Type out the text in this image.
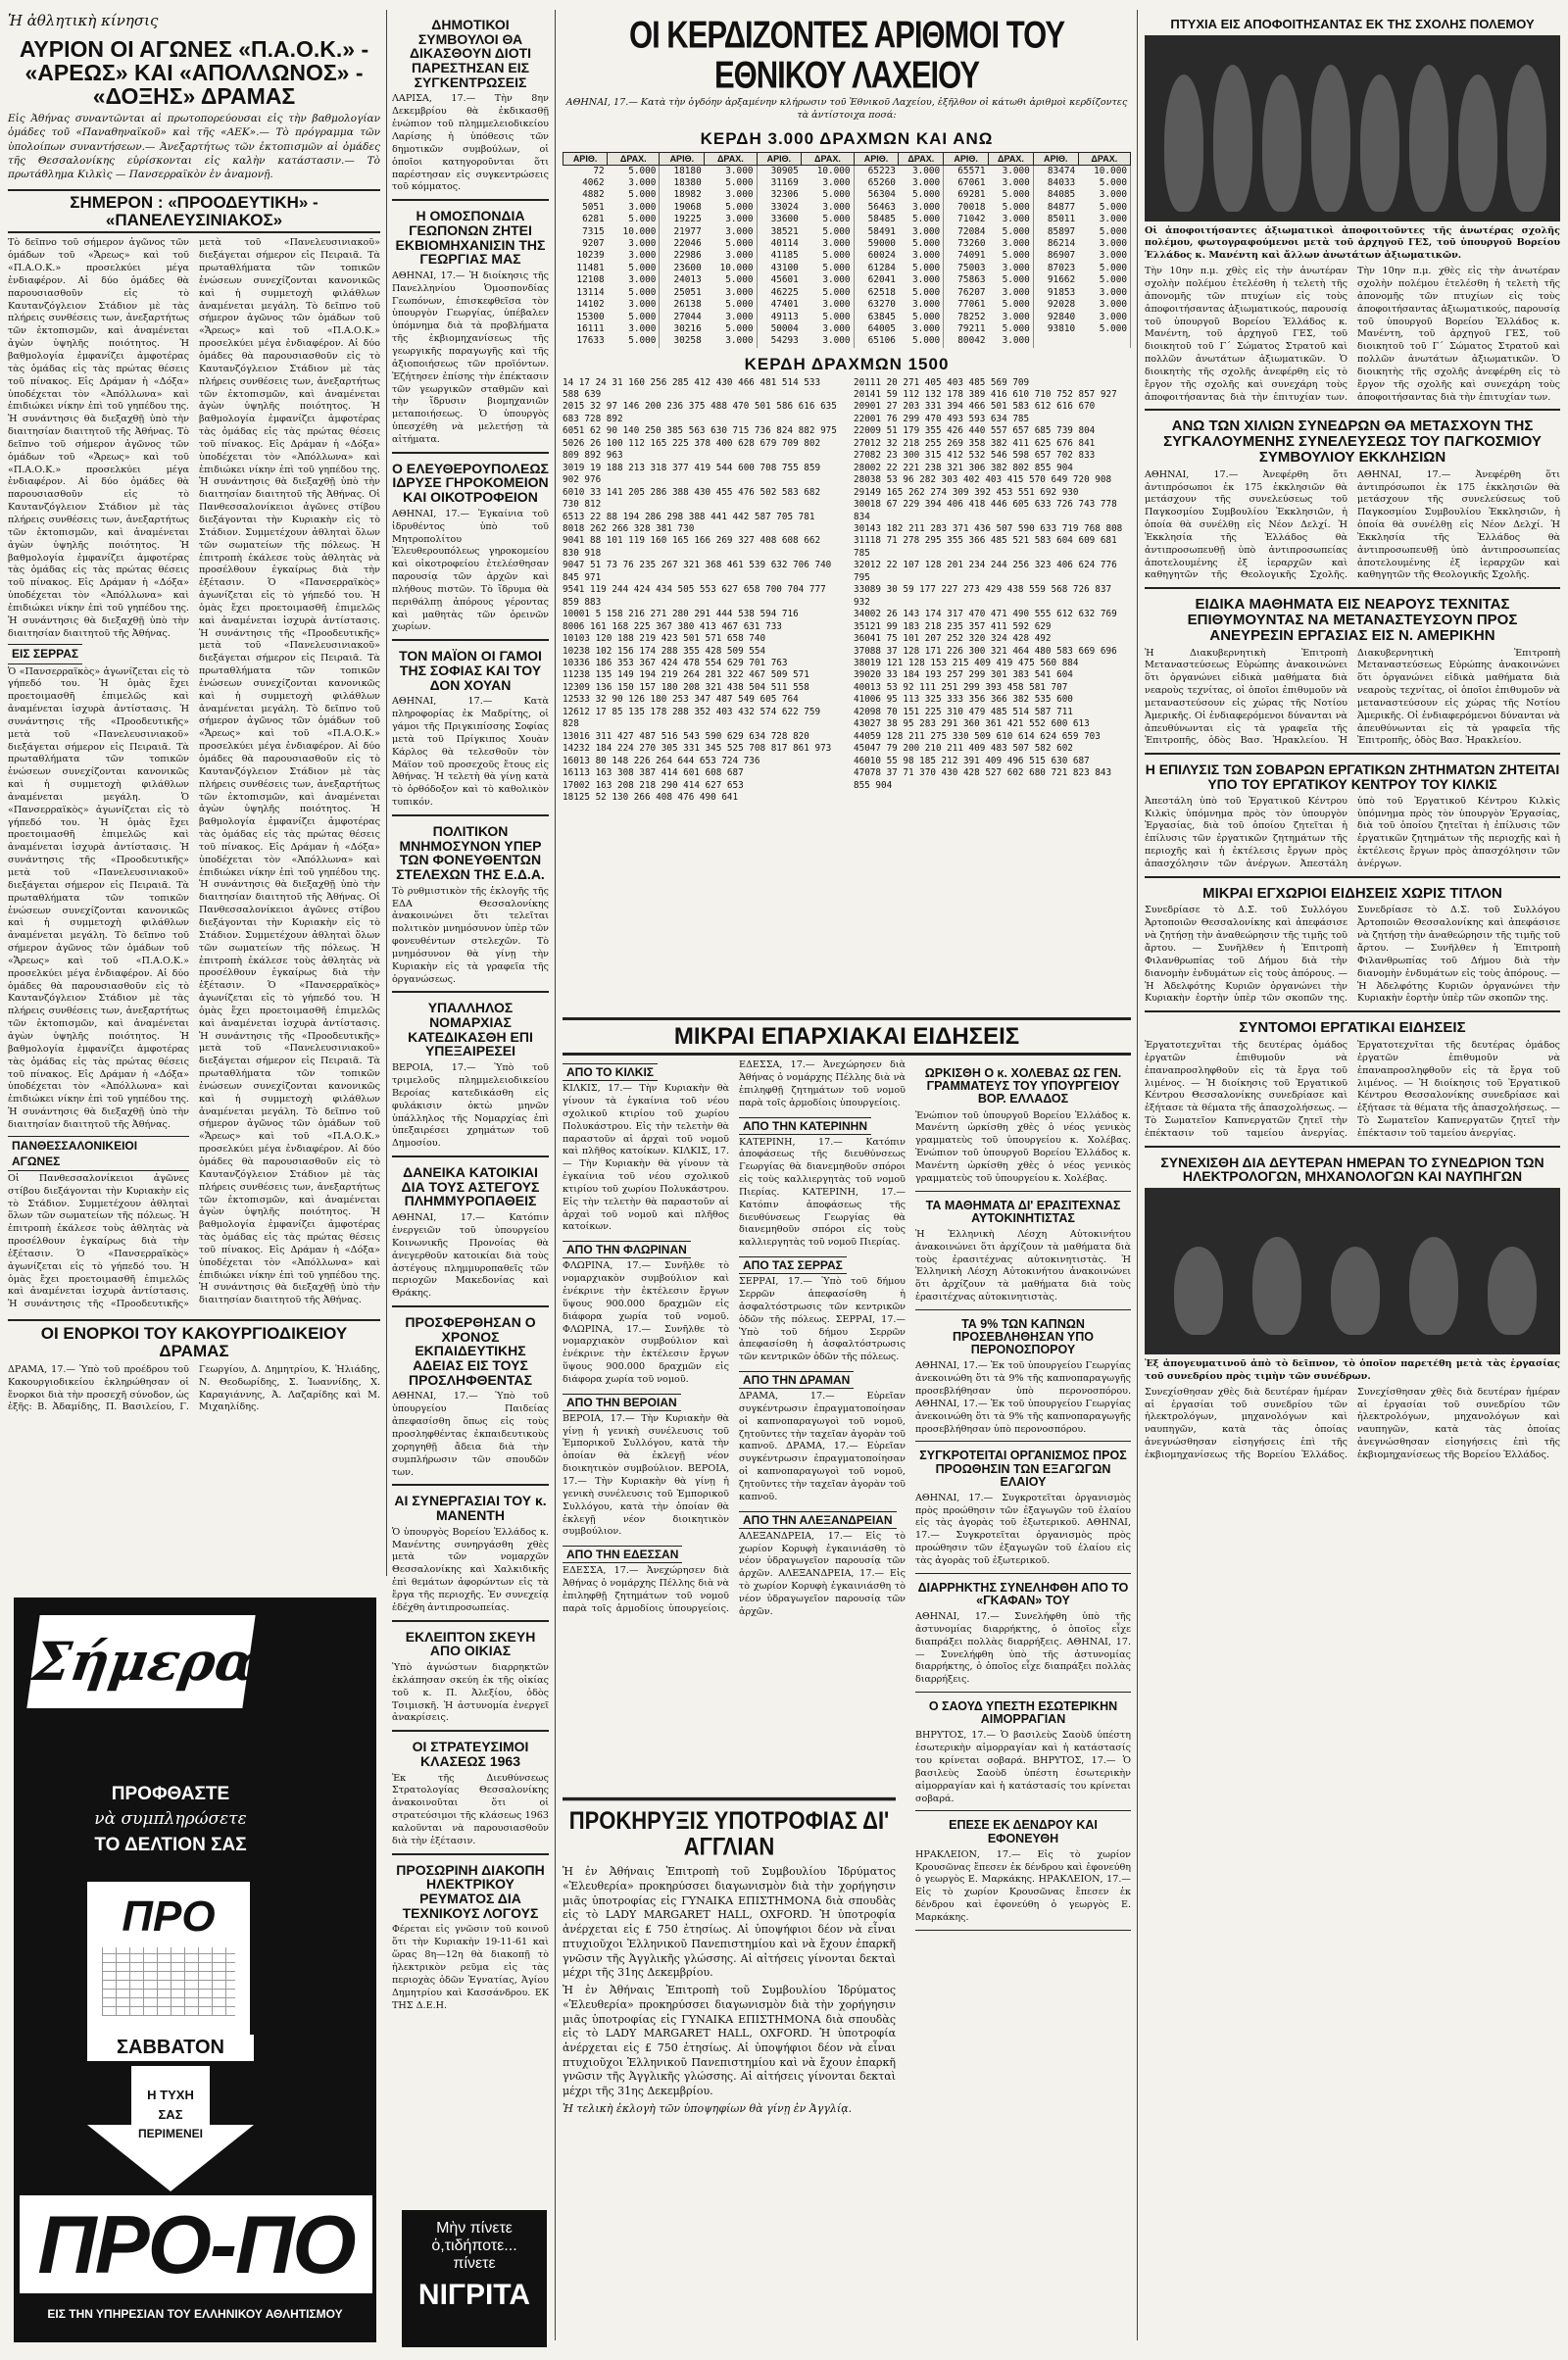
Ἡ ἀθλητικὴ κίνησις
ΑΥΡΙΟΝ ΟΙ ΑΓΩΝΕΣ «Π.Α.Ο.Κ.» - «ΑΡΕΩΣ» ΚΑΙ «ΑΠΟΛΛΩΝΟΣ» - «ΔΟΞΗΣ» ΔΡΑΜΑΣ
Εἰς Ἀθήνας συναντῶνται αἱ πρωτοπορεύουσαι εἰς τὴν βαθμολογίαν ὁμάδες τοῦ «Παναθηναϊκοῦ» καὶ τῆς «ΑΕΚ».— Τὸ πρόγραμμα τῶν ὑπολοίπων συναντήσεων.— Ἀνεξαρτήτως τῶν ἐκτοπισμῶν αἱ ὁμάδες τῆς Θεσσαλονίκης εὑρίσκονται εἰς καλὴν κατάστασιν.— Τὸ πρωτάθλημα Κιλκὶς — Πανσερραϊκὸν ἐν ἀναμονῇ.
ΣΗΜΕΡΟΝ : «ΠΡΟΟΔΕΥΤΙΚΗ» - «ΠΑΝΕΛΕΥΣΙΝΙΑΚΟΣ»
Τὸ δεῖπνο τοῦ σήμερον ἀγῶνος τῶν ὁμάδων τοῦ «Ἄρεως» καὶ τοῦ «Π.Α.Ο.Κ.» προσελκύει μέγα ἐνδιαφέρον. Αἱ δύο ὁμάδες θὰ παρουσιασθοῦν εἰς τὸ Καυτανζόγλειον Στάδιον μὲ τὰς πλήρεις συνθέσεις των, ἀνεξαρτήτως τῶν ἐκτοπισμῶν, καὶ ἀναμένεται ἀγὼν ὑψηλῆς ποιότητος. Ἡ βαθμολογία ἐμφανίζει ἀμφοτέρας τὰς ὁμάδας εἰς τὰς πρώτας θέσεις τοῦ πίνακος. Εἰς Δράμαν ἡ «Δόξα» ὑποδέχεται τὸν «Ἀπόλλωνα» καὶ ἐπιδιώκει νίκην ἐπὶ τοῦ γηπέδου της. Ἡ συνάντησις θὰ διεξαχθῇ ὑπὸ τὴν διαιτησίαν διαιτητοῦ τῆς Ἀθήνας. Τὸ δεῖπνο τοῦ σήμερον ἀγῶνος τῶν ὁμάδων τοῦ «Ἄρεως» καὶ τοῦ «Π.Α.Ο.Κ.» προσελκύει μέγα ἐνδιαφέρον. Αἱ δύο ὁμάδες θὰ παρουσιασθοῦν εἰς τὸ Καυτανζόγλειον Στάδιον μὲ τὰς πλήρεις συνθέσεις των, ἀνεξαρτήτως τῶν ἐκτοπισμῶν, καὶ ἀναμένεται ἀγὼν ὑψηλῆς ποιότητος. Ἡ βαθμολογία ἐμφανίζει ἀμφοτέρας τὰς ὁμάδας εἰς τὰς πρώτας θέσεις τοῦ πίνακος. Εἰς Δράμαν ἡ «Δόξα» ὑποδέχεται τὸν «Ἀπόλλωνα» καὶ ἐπιδιώκει νίκην ἐπὶ τοῦ γηπέδου της. Ἡ συνάντησις θὰ διεξαχθῇ ὑπὸ τὴν διαιτησίαν διαιτητοῦ τῆς Ἀθήνας.
ΕΙΣ ΣΕΡΡΑΣ
Ὁ «Πανσερραϊκὸς» ἀγωνίζεται εἰς τὸ γήπεδό του. Ἡ ὁμὰς ἔχει προετοιμασθῆ ἐπιμελῶς καὶ ἀναμένεται ἰσχυρὰ ἀντίστασις. Ἡ συνάντησις τῆς «Προοδευτικῆς» μετὰ τοῦ «Πανελευσινιακοῦ» διεξάγεται σήμερον εἰς Πειραιᾶ. Τὰ πρωταθλήματα τῶν τοπικῶν ἑνώσεων συνεχίζονται κανονικῶς καὶ ἡ συμμετοχὴ φιλάθλων ἀναμένεται μεγάλη.	Ὁ «Πανσερραϊκὸς» ἀγωνίζεται εἰς τὸ γήπεδό του. Ἡ ὁμὰς ἔχει προετοιμασθῆ ἐπιμελῶς καὶ ἀναμένεται ἰσχυρὰ ἀντίστασις. Ἡ συνάντησις τῆς «Προοδευτικῆς» μετὰ τοῦ «Πανελευσινιακοῦ» διεξάγεται σήμερον εἰς Πειραιᾶ. Τὰ πρωταθλήματα τῶν τοπικῶν ἑνώσεων συνεχίζονται κανονικῶς καὶ ἡ συμμετοχὴ φιλάθλων ἀναμένεται μεγάλη. Τὸ δεῖπνο τοῦ σήμερον ἀγῶνος τῶν ὁμάδων τοῦ «Ἄρεως» καὶ τοῦ «Π.Α.Ο.Κ.» προσελκύει μέγα ἐνδιαφέρον. Αἱ δύο ὁμάδες θὰ παρουσιασθοῦν εἰς τὸ Καυτανζόγλειον Στάδιον μὲ τὰς πλήρεις συνθέσεις των, ἀνεξαρτήτως τῶν ἐκτοπισμῶν, καὶ ἀναμένεται ἀγὼν ὑψηλῆς ποιότητος. Ἡ βαθμολογία ἐμφανίζει ἀμφοτέρας τὰς ὁμάδας εἰς τὰς πρώτας θέσεις τοῦ πίνακος. Εἰς Δράμαν ἡ «Δόξα» ὑποδέχεται τὸν «Ἀπόλλωνα» καὶ ἐπιδιώκει νίκην ἐπὶ τοῦ γηπέδου της. Ἡ συνάντησις θὰ διεξαχθῇ ὑπὸ τὴν διαιτησίαν διαιτητοῦ τῆς Ἀθήνας.
ΠΑΝΘΕΣΣΑΛΟΝΙΚΕΙΟΙ ΑΓΩΝΕΣ
Οἱ Πανθεσσαλονίκειοι ἀγῶνες στίβου διεξάγονται τὴν Κυριακὴν εἰς τὸ Στάδιον. Συμμετέχουν ἀθληταὶ ὅλων τῶν σωματείων τῆς πόλεως. Ἡ ἐπιτροπὴ ἐκάλεσε τοὺς ἀθλητὰς νὰ προσέλθουν ἐγκαίρως διὰ τὴν ἐξέτασιν. Ὁ «Πανσερραϊκὸς» ἀγωνίζεται εἰς τὸ γήπεδό του. Ἡ ὁμὰς ἔχει προετοιμασθῆ ἐπιμελῶς καὶ ἀναμένεται ἰσχυρὰ ἀντίστασις. Ἡ συνάντησις τῆς «Προοδευτικῆς» μετὰ τοῦ «Πανελευσινιακοῦ» διεξάγεται σήμερον εἰς Πειραιᾶ. Τὰ πρωταθλήματα τῶν τοπικῶν ἑνώσεων συνεχίζονται κανονικῶς καὶ ἡ συμμετοχὴ φιλάθλων ἀναμένεται μεγάλη. Τὸ δεῖπνο τοῦ σήμερον ἀγῶνος τῶν ὁμάδων τοῦ «Ἄρεως» καὶ τοῦ «Π.Α.Ο.Κ.» προσελκύει μέγα ἐνδιαφέρον. Αἱ δύο ὁμάδες θὰ παρουσιασθοῦν εἰς τὸ Καυτανζόγλειον Στάδιον μὲ τὰς πλήρεις συνθέσεις των, ἀνεξαρτήτως τῶν ἐκτοπισμῶν, καὶ ἀναμένεται ἀγὼν ὑψηλῆς ποιότητος. Ἡ βαθμολογία ἐμφανίζει ἀμφοτέρας τὰς ὁμάδας εἰς τὰς πρώτας θέσεις τοῦ πίνακος. Εἰς Δράμαν ἡ «Δόξα» ὑποδέχεται τὸν «Ἀπόλλωνα» καὶ ἐπιδιώκει νίκην ἐπὶ τοῦ γηπέδου της. Ἡ συνάντησις θὰ διεξαχθῇ ὑπὸ τὴν διαιτησίαν διαιτητοῦ τῆς Ἀθήνας. Οἱ Πανθεσσαλονίκειοι ἀγῶνες στίβου διεξάγονται τὴν Κυριακὴν εἰς τὸ Στάδιον. Συμμετέχουν ἀθληταὶ ὅλων τῶν σωματείων τῆς πόλεως. Ἡ ἐπιτροπὴ ἐκάλεσε τοὺς ἀθλητὰς νὰ προσέλθουν ἐγκαίρως διὰ τὴν ἐξέτασιν. Ὁ «Πανσερραϊκὸς» ἀγωνίζεται εἰς τὸ γήπεδό του. Ἡ ὁμὰς ἔχει προετοιμασθῆ ἐπιμελῶς καὶ ἀναμένεται ἰσχυρὰ ἀντίστασις. Ἡ συνάντησις τῆς «Προοδευτικῆς» μετὰ τοῦ «Πανελευσινιακοῦ» διεξάγεται σήμερον εἰς Πειραιᾶ. Τὰ πρωταθλήματα τῶν τοπικῶν ἑνώσεων συνεχίζονται κανονικῶς καὶ ἡ συμμετοχὴ φιλάθλων ἀναμένεται μεγάλη. Τὸ δεῖπνο τοῦ σήμερον ἀγῶνος τῶν ὁμάδων τοῦ «Ἄρεως» καὶ τοῦ «Π.Α.Ο.Κ.» προσελκύει μέγα ἐνδιαφέρον. Αἱ δύο ὁμάδες θὰ παρουσιασθοῦν εἰς τὸ Καυτανζόγλειον Στάδιον μὲ τὰς πλήρεις συνθέσεις των, ἀνεξαρτήτως τῶν ἐκτοπισμῶν, καὶ ἀναμένεται ἀγὼν ὑψηλῆς ποιότητος. Ἡ βαθμολογία ἐμφανίζει ἀμφοτέρας τὰς ὁμάδας εἰς τὰς πρώτας θέσεις τοῦ πίνακος. Εἰς Δράμαν ἡ «Δόξα» ὑποδέχεται τὸν «Ἀπόλλωνα» καὶ ἐπιδιώκει νίκην ἐπὶ τοῦ γηπέδου της. Ἡ συνάντησις θὰ διεξαχθῇ ὑπὸ τὴν διαιτησίαν διαιτητοῦ τῆς Ἀθήνας. Οἱ Πανθεσσαλονίκειοι ἀγῶνες στίβου διεξάγονται τὴν Κυριακὴν εἰς τὸ Στάδιον. Συμμετέχουν ἀθληταὶ ὅλων τῶν σωματείων τῆς πόλεως. Ἡ ἐπιτροπὴ ἐκάλεσε τοὺς ἀθλητὰς νὰ προσέλθουν ἐγκαίρως διὰ τὴν ἐξέτασιν. Ὁ «Πανσερραϊκὸς» ἀγωνίζεται εἰς τὸ γήπεδό του. Ἡ ὁμὰς ἔχει προετοιμασθῆ ἐπιμελῶς καὶ ἀναμένεται ἰσχυρὰ ἀντίστασις. Ἡ συνάντησις τῆς «Προοδευτικῆς» μετὰ τοῦ «Πανελευσινιακοῦ» διεξάγεται σήμερον εἰς Πειραιᾶ. Τὰ πρωταθλήματα τῶν τοπικῶν ἑνώσεων συνεχίζονται κανονικῶς καὶ ἡ συμμετοχὴ φιλάθλων ἀναμένεται μεγάλη. Τὸ δεῖπνο τοῦ σήμερον ἀγῶνος τῶν ὁμάδων τοῦ «Ἄρεως» καὶ τοῦ «Π.Α.Ο.Κ.» προσελκύει μέγα ἐνδιαφέρον. Αἱ δύο ὁμάδες θὰ παρουσιασθοῦν εἰς τὸ Καυτανζόγλειον Στάδιον μὲ τὰς πλήρεις συνθέσεις των, ἀνεξαρτήτως τῶν ἐκτοπισμῶν, καὶ ἀναμένεται ἀγὼν ὑψηλῆς ποιότητος. Ἡ βαθμολογία ἐμφανίζει ἀμφοτέρας τὰς ὁμάδας εἰς τὰς πρώτας θέσεις τοῦ πίνακος. Εἰς Δράμαν ἡ «Δόξα» ὑποδέχεται τὸν «Ἀπόλλωνα» καὶ ἐπιδιώκει νίκην ἐπὶ τοῦ γηπέδου της. Ἡ συνάντησις θὰ διεξαχθῇ ὑπὸ τὴν διαιτησίαν διαιτητοῦ τῆς Ἀθήνας.
ΟΙ ΕΝΟΡΚΟΙ ΤΟΥ ΚΑΚΟΥΡΓΙΟΔΙΚΕΙΟΥ ΔΡΑΜΑΣ
ΔΡΑΜΑ, 17.— Ὑπὸ τοῦ προέδρου τοῦ Κακουργιοδικείου ἐκληρώθησαν οἱ ἔνορκοι διὰ τὴν προσεχῆ σύνοδον, ὡς ἑξῆς: Β. Ἀδαμίδης, Π. Βασιλείου, Γ. Γεωργίου, Δ. Δημητρίου, Κ. Ἠλιάδης, Ν. Θεοδωρίδης, Σ. Ἰωαννίδης, Χ. Καραγιάννης, Ἀ. Λαζαρίδης καὶ Μ. Μιχαηλίδης.
Σήμερα!
ΠΡΟΦΘΑΣΤΕ
νὰ συμπληρώσετε
ΤΟ ΔΕΛΤΙΟΝ ΣΑΣ
ΠΡΟ
ΣΑΒΒΑΤΟΝ
Η ΤΥΧΗ
ΣΑΣ
ΠΕΡΙΜΕΝΕΙ
ΠΡΟ-ΠΟ
ΕΙΣ ΤΗΝ ΥΠΗΡΕΣΙΑΝ ΤΟΥ ΕΛΛΗΝΙΚΟΥ ΑΘΛΗΤΙΣΜΟΥ
ΔΗΜΟΤΙΚΟΙ ΣΥΜΒΟΥΛΟΙ ΘΑ ΔΙΚΑΣΘΟΥΝ ΔΙΟΤΙ ΠΑΡΕΣΤΗΣΑΝ ΕΙΣ ΣΥΓΚΕΝΤΡΩΣΕΙΣ
ΛΑΡΙΣΑ, 17.— Τὴν 8ην Δεκεμβρίου θὰ ἐκδικασθῇ ἐνώπιον τοῦ πλημμελειοδικείου Λαρίσης ἡ ὑπόθεσις τῶν δημοτικῶν συμβούλων, οἱ ὁποῖοι κατηγοροῦνται ὅτι παρέστησαν εἰς συγκεντρώσεις τοῦ κόμματος.
Η ΟΜΟΣΠΟΝΔΙΑ ΓΕΩΠΟΝΩΝ ΖΗΤΕΙ ΕΚΒΙΟΜΗΧΑΝΙΣΙΝ ΤΗΣ ΓΕΩΡΓΙΑΣ ΜΑΣ
ΑΘΗΝΑΙ, 17.— Ἡ διοίκησις τῆς Πανελληνίου Ὁμοσπονδίας Γεωπόνων, ἐπισκεφθεῖσα τὸν ὑπουργὸν Γεωργίας, ὑπέβαλεν ὑπόμνημα διὰ τὰ προβλήματα τῆς ἐκβιομηχανίσεως τῆς γεωργικῆς παραγωγῆς καὶ τῆς ἀξιοποιήσεως τῶν προϊόντων. Ἐζήτησεν ἐπίσης τὴν ἐπέκτασιν τῶν γεωργικῶν σταθμῶν καὶ τὴν ἵδρυσιν βιομηχανιῶν μεταποιήσεως. Ὁ ὑπουργὸς ὑπεσχέθη νὰ μελετήσῃ τὰ αἰτήματα.
Ο ΕΛΕΥΘΕΡΟΥΠΟΛΕΩΣ ΙΔΡΥΣΕ ΓΗΡΟΚΟΜΕΙΟΝ ΚΑΙ ΟΙΚΟΤΡΟΦΕΙΟΝ
ΑΘΗΝΑΙ, 17.— Ἐγκαίνια τοῦ ἱδρυθέντος ὑπὸ τοῦ Μητροπολίτου Ἐλευθερουπόλεως γηροκομείου καὶ οἰκοτροφείου ἐτελέσθησαν παρουσίᾳ τῶν ἀρχῶν καὶ πλήθους πιστῶν. Τὸ ἵδρυμα θὰ περιθάλπῃ ἀπόρους γέροντας καὶ μαθητὰς τῶν ὀρεινῶν χωρίων.
ΤΟΝ ΜΑΪΟΝ ΟΙ ΓΑΜΟΙ ΤΗΣ ΣΟΦΙΑΣ ΚΑΙ ΤΟΥ ΔΟΝ ΧΟΥΑΝ
ΑΘΗΝΑΙ, 17.— Κατὰ πληροφορίας ἐκ Μαδρίτης, οἱ γάμοι τῆς Πριγκιπίσσης Σοφίας μετὰ τοῦ Πρίγκιπος Χουὰν Κάρλος θὰ τελεσθοῦν τὸν Μάϊον τοῦ προσεχοῦς ἔτους εἰς Ἀθήνας. Ἡ τελετὴ θὰ γίνῃ κατὰ τὸ ὀρθόδοξον καὶ τὸ καθολικὸν τυπικόν.
ΠΟΛΙΤΙΚΟΝ ΜΝΗΜΟΣΥΝΟΝ ΥΠΕΡ ΤΩΝ ΦΟΝΕΥΘΕΝΤΩΝ ΣΤΕΛΕΧΩΝ ΤΗΣ Ε.Δ.Α.
Τὸ ρυθμιστικὸν τῆς ἐκλογῆς τῆς ΕΔΑ Θεσσαλονίκης ἀνακοινώνει ὅτι τελεῖται πολιτικὸν μνημόσυνον ὑπὲρ τῶν φονευθέντων στελεχῶν. Τὸ μνημόσυνον θὰ γίνῃ τὴν Κυριακὴν εἰς τὰ γραφεῖα τῆς ὀργανώσεως.
ΥΠΑΛΛΗΛΟΣ ΝΟΜΑΡΧΙΑΣ ΚΑΤΕΔΙΚΑΣΘΗ ΕΠΙ ΥΠΕΞΑΙΡΕΣΕΙ
ΒΕΡΟΙΑ, 17.— Ὑπὸ τοῦ τριμελοῦς πλημμελειοδικείου Βεροίας κατεδικάσθη εἰς φυλάκισιν ὀκτὼ μηνῶν ὑπάλληλος τῆς Νομαρχίας ἐπὶ ὑπεξαιρέσει χρημάτων τοῦ Δημοσίου.
ΔΑΝΕΙΚΑ ΚΑΤΟΙΚΙΑΙ ΔΙΑ ΤΟΥΣ ΑΣΤΕΓΟΥΣ ΠΛΗΜΜΥΡΟΠΑΘΕΙΣ
ΑΘΗΝΑΙ, 17.— Κατόπιν ἐνεργειῶν τοῦ ὑπουργείου Κοινωνικῆς Προνοίας θὰ ἀνεγερθοῦν κατοικίαι διὰ τοὺς ἀστέγους πλημμυροπαθεῖς τῶν περιοχῶν Μακεδονίας καὶ Θράκης.
ΠΡΟΣΦΕΡΘΗΣΑΝ Ο ΧΡΟΝΟΣ ΕΚΠΑΙΔΕΥΤΙΚΗΣ ΑΔΕΙΑΣ ΕΙΣ ΤΟΥΣ ΠΡΟΣΛΗΦΘΕΝΤΑΣ
ΑΘΗΝΑΙ, 17.— Ὑπὸ τοῦ ὑπουργείου Παιδείας ἀπεφασίσθη ὅπως εἰς τοὺς προσληφθέντας ἐκπαιδευτικοὺς χορηγηθῇ ἄδεια διὰ τὴν συμπλήρωσιν τῶν σπουδῶν των.
ΑΙ ΣΥΝΕΡΓΑΣΙΑΙ ΤΟΥ κ. ΜΑΝΕΝΤΗ
Ὁ ὑπουργὸς Βορείου Ἑλλάδος κ. Μανέντης συνηργάσθη χθὲς μετὰ τῶν νομαρχῶν Θεσσαλονίκης καὶ Χαλκιδικῆς ἐπὶ θεμάτων ἀφορώντων εἰς τὰ ἔργα τῆς περιοχῆς. Ἐν συνεχείᾳ ἐδέχθη ἀντιπροσωπείας.
ΕΚΛΕΙΠΤΟΝ ΣΚΕΥΗ ΑΠΟ ΟΙΚΙΑΣ
Ὑπὸ ἀγνώστων διαρρηκτῶν ἐκλάπησαν σκεύη ἐκ τῆς οἰκίας τοῦ κ. Π. Ἀλεξίου, ὁδὸς Τσιμισκῆ. Ἡ ἀστυνομία ἐνεργεῖ ἀνακρίσεις.
ΟΙ ΣΤΡΑΤΕΥΣΙΜΟΙ ΚΛΑΣΕΩΣ 1963
Ἐκ τῆς Διευθύνσεως Στρατολογίας Θεσσαλονίκης ἀνακοινοῦται ὅτι οἱ στρατεύσιμοι τῆς κλάσεως 1963 καλοῦνται νὰ παρουσιασθοῦν διὰ τὴν ἐξέτασιν.
ΠΡΟΣΩΡΙΝΗ ΔΙΑΚΟΠΗ ΗΛΕΚΤΡΙΚΟΥ ΡΕΥΜΑΤΟΣ ΔΙΑ ΤΕΧΝΙΚΟΥΣ ΛΟΓΟΥΣ
Φέρεται εἰς γνῶσιν τοῦ κοινοῦ ὅτι τὴν Κυριακὴν 19-11-61 καὶ ὥρας 8η—12η θὰ διακοπῇ τὸ ἠλεκτρικὸν ρεῦμα εἰς τὰς περιοχὰς ὁδῶν Ἐγνατίας, Ἀγίου Δημητρίου καὶ Κασσάνδρου. ΕΚ ΤΗΣ Δ.Ε.Η.
Μὴν πίνετε
ὁ,τιδήποτε...
πίνετε
ΝΙΓΡΙΤΑ
ΟΙ ΚΕΡΔΙΖΟΝΤΕΣ ΑΡΙΘΜΟΙ ΤΟΥ ΕΘΝΙΚΟΥ ΛΑΧΕΙΟΥ
ΑΘΗΝΑΙ, 17.— Κατὰ τὴν ὀγδόην ἀρξαμένην κλήρωσιν τοῦ Ἐθνικοῦ Λαχείου, ἐξῆλθον οἱ κάτωθι ἀριθμοὶ κερδίζοντες τὰ ἀντίστοιχα ποσά:
ΚΕΡΔΗ 3.000 ΔΡΑΧΜΩΝ ΚΑΙ ΑΝΩ
ΑΡΙΘ.	ΔΡΑΧ.	ΑΡΙΘ.	ΔΡΑΧ.	ΑΡΙΘ.	ΔΡΑΧ.	ΑΡΙΘ.	ΔΡΑΧ.	ΑΡΙΘ.	ΔΡΑΧ.	ΑΡΙΘ.	ΔΡΑΧ.
72	5.000	18180	3.000	30905	10.000	65223	3.000	65571	3.000	83474	10.000
4062	3.000	18380	5.000	31169	3.000	65260	3.000	67061	3.000	84033	5.000
4882	5.000	18982	3.000	32306	5.000	56304	5.000	69281	5.000	84085	3.000
5051	3.000	19068	5.000	33024	3.000	56463	3.000	70018	5.000	84877	5.000
6281	5.000	19225	3.000	33600	5.000	58485	5.000	71042	3.000	85011	3.000
7315	10.000	21977	3.000	38521	5.000	58491	3.000	72084	5.000	85897	5.000
9207	3.000	22046	5.000	40114	3.000	59000	5.000	73260	3.000	86214	3.000
10239	3.000	22986	3.000	41185	5.000	60024	3.000	74091	5.000	86907	3.000
11481	5.000	23600	10.000	43100	5.000	61284	5.000	75003	3.000	87023	5.000
12108	3.000	24013	5.000	45601	3.000	62041	3.000	75863	5.000	91662	5.000
13114	5.000	25051	3.000	46225	5.000	62518	5.000	76207	3.000	91853	3.000
14102	3.000	26138	5.000	47401	3.000	63270	3.000	77061	5.000	92028	3.000
15300	5.000	27044	3.000	49113	5.000	63845	5.000	78252	3.000	92840	3.000
16111	3.000	30216	5.000	50004	3.000	64005	3.000	79211	5.000	93810	5.000
17633	5.000	30258	3.000	54293	3.000	65106	5.000	80042	3.000		
ΚΕΡΔΗ ΔΡΑΧΜΩΝ 1500
14 17 24 31 160 256 285 412 430 466 481 514 533 588 639
2015 32 97 146 200 236 375 488 470 501 586 616 635 683 728 892
6051 62 90 140 250 385 563 630 715 736 824 882 975
5026 26 100 112 165 225 378 400 628 679 709 802 809 892 963
3019 19 188 213 318 377 419 544 600 708 755 859 902 976
6010 33 141 205 286 388 430 455 476 502 583 682 730 812
6513 22 88 194 286 298 388 441 442 587 705 781
8018 262 266 328 381 730
9041 88 101 119 160 165 166 269 327 408 608 662 830 918
9047 51 73 76 235 267 321 368 461 539 632 706 740 845 971
9541 119 244 424 434 505 553 627 658 700 704 777 859 883
10001 5 158 216 271 280 291 444 538 594 716
8006 161 168 225 367 380 413 467 631 733
10103 120 188 219 423 501 571 658 740
10238 102 156 174 288 355 428 509 554
10336 186 353 367 424 478 554 629 701 763
11238 135 149 194 219 264 281 322 467 509 571
12309 136 150 157 180 208 321 438 504 511 558
12533 32 90 126 180 253 347 487 549 605 764
12612 17 85 135 178 288 352 403 432 574 622 759 828
13016 311 427 487 516 543 590 629 634 728 820
14232 184 224 270 305 331 345 525 708 817 861 973
16013 80 148 226 264 644 653 724 736
16113 163 308 387 414 601 608 687
17002 163 208 218 290 414 627 653
18125 52 130 266 408 476 490 641
20111 20 271 405 403 485 569 709
20141 59 112 132 178 389 416 610 710 752 857 927
20901 27 203 331 394 466 501 583 612 616 670
22001 76 299 470 493 593 634 785
22009 51 179 355 426 440 557 657 685 739 804
27012 32 218 255 269 358 382 411 625 676 841
27082 23 300 315 412 532 546 598 657 702 833
28002 22 221 238 321 306 382 802 855 904
28038 53 96 282 303 402 403 415 570 649 720 908
29149 165 262 274 309 392 453 551 692 930
30018 67 229 394 406 418 446 605 633 726 743 778 834
30143 182 211 283 371 436 507 590 633 719 768 808
31118 71 278 295 355 366 485 521 583 604 609 681 785
32012 22 107 128 201 234 244 256 323 406 624 776 795
33089 30 59 177 227 273 429 438 559 568 726 837 932
34002 26 143 174 317 470 471 490 555 612 632 769
35121 99 183 218 235 357 411 592 629
36041 75 101 207 252 320 324 428 492
37088 37 128 171 226 300 321 464 480 583 669 696
38019 121 128 153 215 409 419 475 560 884
39020 33 184 193 257 299 301 383 541 604
40013 53 92 111 251 299 393 458 581 707
41006 95 113 325 333 356 366 382 535 600
42098 70 151 225 310 479 485 514 587 711
43027 38 95 283 291 360 361 421 552 600 613
44059 128 211 275 330 509 610 614 624 659 703
45047 79 200 210 211 409 483 507 582 602
46010 55 98 185 212 391 409 496 515 630 687
47078 37 71 370 430 428 527 602 680 721 823 843 855 904
ΜΙΚΡΑΙ ΕΠΑΡΧΙΑΚΑΙ ΕΙΔΗΣΕΙΣ
ΑΠΟ ΤΟ ΚΙΛΚΙΣ
ΚΙΛΚΙΣ, 17.— Τὴν Κυριακὴν θὰ γίνουν τὰ ἐγκαίνια τοῦ νέου σχολικοῦ κτιρίου τοῦ χωρίου Πολυκάστρου. Εἰς τὴν τελετὴν θὰ παραστοῦν αἱ ἀρχαὶ τοῦ νομοῦ καὶ πλῆθος κατοίκων. ΚΙΛΚΙΣ, 17.— Τὴν Κυριακὴν θὰ γίνουν τὰ ἐγκαίνια τοῦ νέου σχολικοῦ κτιρίου τοῦ χωρίου Πολυκάστρου. Εἰς τὴν τελετὴν θὰ παραστοῦν αἱ ἀρχαὶ τοῦ νομοῦ καὶ πλῆθος κατοίκων.
ΑΠΟ ΤΗΝ ΦΛΩΡΙΝΑΝ
ΦΛΩΡΙΝΑ, 17.— Συνῆλθε τὸ νομαρχιακὸν συμβούλιον καὶ ἐνέκρινε τὴν ἐκτέλεσιν ἔργων ὕψους 900.000 δραχμῶν εἰς διάφορα χωρία τοῦ νομοῦ. ΦΛΩΡΙΝΑ, 17.— Συνῆλθε τὸ νομαρχιακὸν συμβούλιον καὶ ἐνέκρινε τὴν ἐκτέλεσιν ἔργων ὕψους 900.000 δραχμῶν εἰς διάφορα χωρία τοῦ νομοῦ.
ΑΠΟ ΤΗΝ ΒΕΡΟΙΑΝ
ΒΕΡΟΙΑ, 17.— Τὴν Κυριακὴν θὰ γίνῃ ἡ γενικὴ συνέλευσις τοῦ Ἐμπορικοῦ Συλλόγου, κατὰ τὴν ὁποίαν θὰ ἐκλεγῇ νέον διοικητικὸν συμβούλιον. ΒΕΡΟΙΑ, 17.— Τὴν Κυριακὴν θὰ γίνῃ ἡ γενικὴ συνέλευσις τοῦ Ἐμπορικοῦ Συλλόγου, κατὰ τὴν ὁποίαν θὰ ἐκλεγῇ νέον διοικητικὸν συμβούλιον.
ΑΠΟ ΤΗΝ ΕΔΕΣΣΑΝ
ΕΔΕΣΣΑ, 17.— Ἀνεχώρησεν διὰ Ἀθήνας ὁ νομάρχης Πέλλης διὰ νὰ ἐπιληφθῇ ζητημάτων τοῦ νομοῦ παρὰ τοῖς ἁρμοδίοις ὑπουργείοις. ΕΔΕΣΣΑ, 17.— Ἀνεχώρησεν διὰ Ἀθήνας ὁ νομάρχης Πέλλης διὰ νὰ ἐπιληφθῇ ζητημάτων τοῦ νομοῦ παρὰ τοῖς ἁρμοδίοις ὑπουργείοις.
ΑΠΟ ΤΗΝ ΚΑΤΕΡΙΝΗΝ
ΚΑΤΕΡΙΝΗ, 17.— Κατόπιν ἀποφάσεως τῆς διευθύνσεως Γεωργίας θὰ διανεμηθοῦν σπόροι εἰς τοὺς καλλιεργητὰς τοῦ νομοῦ Πιερίας. ΚΑΤΕΡΙΝΗ, 17.— Κατόπιν ἀποφάσεως τῆς διευθύνσεως Γεωργίας θὰ διανεμηθοῦν σπόροι εἰς τοὺς καλλιεργητὰς τοῦ νομοῦ Πιερίας.
ΑΠΟ ΤΑΣ ΣΕΡΡΑΣ
ΣΕΡΡΑΙ, 17.— Ὑπὸ τοῦ δήμου Σερρῶν ἀπεφασίσθη ἡ ἀσφαλτόστρωσις τῶν κεντρικῶν ὁδῶν τῆς πόλεως. ΣΕΡΡΑΙ, 17.— Ὑπὸ τοῦ δήμου Σερρῶν ἀπεφασίσθη ἡ ἀσφαλτόστρωσις τῶν κεντρικῶν ὁδῶν τῆς πόλεως.
ΑΠΟ ΤΗΝ ΔΡΑΜΑΝ
ΔΡΑΜΑ, 17.— Εὐρεῖαν συγκέντρωσιν ἐπραγματοποίησαν οἱ καπνοπαραγωγοὶ τοῦ νομοῦ, ζητοῦντες τὴν ταχεῖαν ἀγορὰν τοῦ καπνοῦ. ΔΡΑΜΑ, 17.— Εὐρεῖαν συγκέντρωσιν ἐπραγματοποίησαν οἱ καπνοπαραγωγοὶ τοῦ νομοῦ, ζητοῦντες τὴν ταχεῖαν ἀγορὰν τοῦ καπνοῦ.
ΑΠΟ ΤΗΝ ΑΛΕΞΑΝΔΡΕΙΑΝ
ΑΛΕΞΑΝΔΡΕΙΑ, 17.— Εἰς τὸ χωρίον Κορυφὴ ἐγκαινιάσθη τὸ νέον ὑδραγωγεῖον παρουσίᾳ τῶν ἀρχῶν. ΑΛΕΞΑΝΔΡΕΙΑ, 17.— Εἰς τὸ χωρίον Κορυφὴ ἐγκαινιάσθη τὸ νέον ὑδραγωγεῖον παρουσίᾳ τῶν ἀρχῶν.
ΩΡΚΙΣΘΗ Ο κ. ΧΟΛΕΒΑΣ ΩΣ ΓΕΝ. ΓΡΑΜΜΑΤΕΥΣ ΤΟΥ ΥΠΟΥΡΓΕΙΟΥ ΒΟΡ. ΕΛΛΑΔΟΣ
Ἐνώπιον τοῦ ὑπουργοῦ Βορείου Ἑλλάδος κ. Μανέντη ὡρκίσθη χθὲς ὁ νέος γενικὸς γραμματεὺς τοῦ ὑπουργείου κ. Χολέβας. Ἐνώπιον τοῦ ὑπουργοῦ Βορείου Ἑλλάδος κ. Μανέντη ὡρκίσθη χθὲς ὁ νέος γενικὸς γραμματεὺς τοῦ ὑπουργείου κ. Χολέβας.
ΤΑ ΜΑΘΗΜΑΤΑ ΔΙ' ΕΡΑΣΙΤΕΧΝΑΣ ΑΥΤΟΚΙΝΗΤΙΣΤΑΣ
Ἡ Ἑλληνικὴ Λέσχη Αὐτοκινήτου ἀνακοινώνει ὅτι ἀρχίζουν τὰ μαθήματα διὰ τοὺς ἐρασιτέχνας αὐτοκινητιστὰς. Ἡ Ἑλληνικὴ Λέσχη Αὐτοκινήτου ἀνακοινώνει ὅτι ἀρχίζουν τὰ μαθήματα διὰ τοὺς ἐρασιτέχνας αὐτοκινητιστὰς.
ΤΑ 9% ΤΩΝ ΚΑΠΝΩΝ ΠΡΟΣΕΒΛΗΘΗΣΑΝ ΥΠΟ ΠΕΡΟΝΟΣΠΟΡΟΥ
ΑΘΗΝΑΙ, 17.— Ἐκ τοῦ ὑπουργείου Γεωργίας ἀνεκοινώθη ὅτι τὰ 9% τῆς καπνοπαραγωγῆς προσεβλήθησαν ὑπὸ περονοσπόρου. ΑΘΗΝΑΙ, 17.— Ἐκ τοῦ ὑπουργείου Γεωργίας ἀνεκοινώθη ὅτι τὰ 9% τῆς καπνοπαραγωγῆς προσεβλήθησαν ὑπὸ περονοσπόρου.
ΣΥΓΚΡΟΤΕΙΤΑΙ ΟΡΓΑΝΙΣΜΟΣ ΠΡΟΣ ΠΡΟΩΘΗΣΙΝ ΤΩΝ ΕΞΑΓΩΓΩΝ ΕΛΑΙΟΥ
ΑΘΗΝΑΙ, 17.— Συγκροτεῖται ὀργανισμὸς πρὸς προώθησιν τῶν ἐξαγωγῶν τοῦ ἐλαίου εἰς τὰς ἀγορὰς τοῦ ἐξωτερικοῦ. ΑΘΗΝΑΙ, 17.— Συγκροτεῖται ὀργανισμὸς πρὸς προώθησιν τῶν ἐξαγωγῶν τοῦ ἐλαίου εἰς τὰς ἀγορὰς τοῦ ἐξωτερικοῦ.
ΔΙΑΡΡΗΚΤΗΣ ΣΥΝΕΛΗΦΘΗ ΑΠΟ ΤΟ «ΓΚΑΦΑΝ» ΤΟΥ
ΑΘΗΝΑΙ, 17.— Συνελήφθη ὑπὸ τῆς ἀστυνομίας διαρρήκτης, ὁ ὁποῖος εἶχε διαπράξει πολλὰς διαρρήξεις. ΑΘΗΝΑΙ, 17.— Συνελήφθη ὑπὸ τῆς ἀστυνομίας διαρρήκτης, ὁ ὁποῖος εἶχε διαπράξει πολλὰς διαρρήξεις.
Ο ΣΑΟΥΔ ΥΠΕΣΤΗ ΕΣΩΤΕΡΙΚΗΝ ΑΙΜΟΡΡΑΓΙΑΝ
ΒΗΡΥΤΟΣ, 17.— Ὁ βασιλεὺς Σαοὺδ ὑπέστη ἐσωτερικὴν αἱμορραγίαν καὶ ἡ κατάστασίς του κρίνεται σοβαρά. ΒΗΡΥΤΟΣ, 17.— Ὁ βασιλεὺς Σαοὺδ ὑπέστη ἐσωτερικὴν αἱμορραγίαν καὶ ἡ κατάστασίς του κρίνεται σοβαρά.
ΕΠΕΣΕ ΕΚ ΔΕΝΔΡΟΥ ΚΑΙ ΕΦΟΝΕΥΘΗ
ΗΡΑΚΛΕΙΟΝ, 17.— Εἰς τὸ χωρίον Κρουσῶνας ἔπεσεν ἐκ δένδρου καὶ ἐφονεύθη ὁ γεωργὸς Ε. Μαρκάκης. ΗΡΑΚΛΕΙΟΝ, 17.— Εἰς τὸ χωρίον Κρουσῶνας ἔπεσεν ἐκ δένδρου καὶ ἐφονεύθη ὁ γεωργὸς Ε. Μαρκάκης.
ΠΡΟΚΗΡΥΞΙΣ ΥΠΟΤΡΟΦΙΑΣ ΔΙ' ΑΓΓΛΙΑΝ
Ἡ ἐν Ἀθήναις Ἐπιτροπὴ τοῦ Συμβουλίου Ἱδρύματος «Ἐλευθερία» προκηρύσσει διαγωνισμὸν διὰ τὴν χορήγησιν μιᾶς ὑποτροφίας εἰς ΓΥΝΑΙΚΑ ΕΠΙΣΤΗΜΟΝΑ διὰ σπουδὰς εἰς τὸ LADY MARGARET HALL, OXFORD. Ἡ ὑποτροφία ἀνέρχεται εἰς £ 750 ἐτησίως. Αἱ ὑποψήφιοι δέον νὰ εἶναι πτυχιοῦχοι Ἑλληνικοῦ Πανεπιστημίου καὶ νὰ ἔχουν ἐπαρκῆ γνῶσιν τῆς Ἀγγλικῆς γλώσσης. Αἱ αἰτήσεις γίνονται δεκταὶ μέχρι τῆς 31ης Δεκεμβρίου.
Ἡ ἐν Ἀθήναις Ἐπιτροπὴ τοῦ Συμβουλίου Ἱδρύματος «Ἐλευθερία» προκηρύσσει διαγωνισμὸν διὰ τὴν χορήγησιν μιᾶς ὑποτροφίας εἰς ΓΥΝΑΙΚΑ ΕΠΙΣΤΗΜΟΝΑ διὰ σπουδὰς εἰς τὸ LADY MARGARET HALL, OXFORD. Ἡ ὑποτροφία ἀνέρχεται εἰς £ 750 ἐτησίως. Αἱ ὑποψήφιοι δέον νὰ εἶναι πτυχιοῦχοι Ἑλληνικοῦ Πανεπιστημίου καὶ νὰ ἔχουν ἐπαρκῆ γνῶσιν τῆς Ἀγγλικῆς γλώσσης. Αἱ αἰτήσεις γίνονται δεκταὶ μέχρι τῆς 31ης Δεκεμβρίου.
Ἡ τελικὴ ἐκλογὴ τῶν ὑποψηφίων θὰ γίνῃ ἐν Ἀγγλίᾳ.
ΠΤΥΧΙΑ ΕΙΣ ΑΠΟΦΟΙΤΗΣΑΝΤΑΣ ΕΚ ΤΗΣ ΣΧΟΛΗΣ ΠΟΛΕΜΟΥ
Οἱ ἀποφοιτήσαντες ἀξιωματικοὶ ἀποφοιτοῦντες τῆς ἀνωτέρας σχολῆς πολέμου, φωτογραφούμενοι μετὰ τοῦ ἀρχηγοῦ ΓΕΣ, τοῦ ὑπουργοῦ Βορείου Ἑλλάδος κ. Μανέντη καὶ ἄλλων ἀνωτάτων ἀξιωματικῶν.
Τὴν 10ην π.μ. χθὲς εἰς τὴν ἀνωτέραν σχολὴν πολέμου ἐτελέσθη ἡ τελετὴ τῆς ἀπονομῆς τῶν πτυχίων εἰς τοὺς ἀποφοιτήσαντας ἀξιωματικούς, παρουσίᾳ τοῦ ὑπουργοῦ Βορείου Ἑλλάδος κ. Μανέντη, τοῦ ἀρχηγοῦ ΓΕΣ, τοῦ διοικητοῦ τοῦ Γ΄ Σώματος Στρατοῦ καὶ πολλῶν ἀνωτάτων ἀξιωματικῶν. Ὁ διοικητὴς τῆς σχολῆς ἀνεφέρθη εἰς τὸ ἔργον τῆς σχολῆς καὶ συνεχάρη τοὺς ἀποφοιτήσαντας διὰ τὴν ἐπιτυχίαν των. Τὴν 10ην π.μ. χθὲς εἰς τὴν ἀνωτέραν σχολὴν πολέμου ἐτελέσθη ἡ τελετὴ τῆς ἀπονομῆς τῶν πτυχίων εἰς τοὺς ἀποφοιτήσαντας ἀξιωματικούς, παρουσίᾳ τοῦ ὑπουργοῦ Βορείου Ἑλλάδος κ. Μανέντη, τοῦ ἀρχηγοῦ ΓΕΣ, τοῦ διοικητοῦ τοῦ Γ΄ Σώματος Στρατοῦ καὶ πολλῶν ἀνωτάτων ἀξιωματικῶν. Ὁ διοικητὴς τῆς σχολῆς ἀνεφέρθη εἰς τὸ ἔργον τῆς σχολῆς καὶ συνεχάρη τοὺς ἀποφοιτήσαντας διὰ τὴν ἐπιτυχίαν των.
ΑΝΩ ΤΩΝ ΧΙΛΙΩΝ ΣΥΝΕΔΡΩΝ ΘΑ ΜΕΤΑΣΧΟΥΝ ΤΗΣ ΣΥΓΚΑΛΟΥΜΕΝΗΣ ΣΥΝΕΛΕΥΣΕΩΣ ΤΟΥ ΠΑΓΚΟΣΜΙΟΥ ΣΥΜΒΟΥΛΙΟΥ ΕΚΚΛΗΣΙΩΝ
ΑΘΗΝΑΙ, 17.— Ἀνεφέρθη ὅτι ἀντιπρόσωποι ἐκ 175 ἐκκλησιῶν θὰ μετάσχουν τῆς συνελεύσεως τοῦ Παγκοσμίου Συμβουλίου Ἐκκλησιῶν, ἡ ὁποία θὰ συνέλθῃ εἰς Νέον Δελχί. Ἡ Ἐκκλησία τῆς Ἑλλάδος θὰ ἀντιπροσωπευθῇ ὑπὸ ἀντιπροσωπείας ἀποτελουμένης ἐξ ἱεραρχῶν καὶ καθηγητῶν τῆς Θεολογικῆς Σχολῆς. ΑΘΗΝΑΙ, 17.— Ἀνεφέρθη ὅτι ἀντιπρόσωποι ἐκ 175 ἐκκλησιῶν θὰ μετάσχουν τῆς συνελεύσεως τοῦ Παγκοσμίου Συμβουλίου Ἐκκλησιῶν, ἡ ὁποία θὰ συνέλθῃ εἰς Νέον Δελχί. Ἡ Ἐκκλησία τῆς Ἑλλάδος θὰ ἀντιπροσωπευθῇ ὑπὸ ἀντιπροσωπείας ἀποτελουμένης ἐξ ἱεραρχῶν καὶ καθηγητῶν τῆς Θεολογικῆς Σχολῆς.
ΕΙΔΙΚΑ ΜΑΘΗΜΑΤΑ ΕΙΣ ΝΕΑΡΟΥΣ ΤΕΧΝΙΤΑΣ ΕΠΙΘΥΜΟΥΝΤΑΣ ΝΑ ΜΕΤΑΝΑΣΤΕΥΣΟΥΝ ΠΡΟΣ ΑΝΕΥΡΕΣΙΝ ΕΡΓΑΣΙΑΣ ΕΙΣ Ν. ΑΜΕΡΙΚΗΝ
Ἡ Διακυβερνητικὴ Ἐπιτροπὴ Μεταναστεύσεως Εὐρώπης ἀνακοινώνει ὅτι ὀργανώνει εἰδικὰ μαθήματα διὰ νεαροὺς τεχνίτας, οἱ ὁποῖοι ἐπιθυμοῦν νὰ μεταναστεύσουν εἰς χώρας τῆς Νοτίου Ἀμερικῆς. Οἱ ἐνδιαφερόμενοι δύνανται νὰ ἀπευθύνωνται εἰς τὰ γραφεῖα τῆς Ἐπιτροπῆς, ὁδὸς Βασ. Ἡρακλείου. Ἡ Διακυβερνητικὴ Ἐπιτροπὴ Μεταναστεύσεως Εὐρώπης ἀνακοινώνει ὅτι ὀργανώνει εἰδικὰ μαθήματα διὰ νεαροὺς τεχνίτας, οἱ ὁποῖοι ἐπιθυμοῦν νὰ μεταναστεύσουν εἰς χώρας τῆς Νοτίου Ἀμερικῆς. Οἱ ἐνδιαφερόμενοι δύνανται νὰ ἀπευθύνωνται εἰς τὰ γραφεῖα τῆς Ἐπιτροπῆς, ὁδὸς Βασ. Ἡρακλείου.
Η ΕΠΙΛΥΣΙΣ ΤΩΝ ΣΟΒΑΡΩΝ ΕΡΓΑΤΙΚΩΝ ΖΗΤΗΜΑΤΩΝ ΖΗΤΕΙΤΑΙ ΥΠΟ ΤΟΥ ΕΡΓΑΤΙΚΟΥ ΚΕΝΤΡΟΥ ΤΟΥ ΚΙΛΚΙΣ
Ἀπεστάλη ὑπὸ τοῦ Ἐργατικοῦ Κέντρου Κιλκὶς ὑπόμνημα πρὸς τὸν ὑπουργὸν Ἐργασίας, διὰ τοῦ ὁποίου ζητεῖται ἡ ἐπίλυσις τῶν ἐργατικῶν ζητημάτων τῆς περιοχῆς καὶ ἡ ἐκτέλεσις ἔργων πρὸς ἀπασχόλησιν τῶν ἀνέργων. Ἀπεστάλη ὑπὸ τοῦ Ἐργατικοῦ Κέντρου Κιλκὶς ὑπόμνημα πρὸς τὸν ὑπουργὸν Ἐργασίας, διὰ τοῦ ὁποίου ζητεῖται ἡ ἐπίλυσις τῶν ἐργατικῶν ζητημάτων τῆς περιοχῆς καὶ ἡ ἐκτέλεσις ἔργων πρὸς ἀπασχόλησιν τῶν ἀνέργων.
ΜΙΚΡΑΙ ΕΓΧΩΡΙΟΙ ΕΙΔΗΣΕΙΣ ΧΩΡΙΣ ΤΙΤΛΟΝ
Συνεδρίασε τὸ Δ.Σ. τοῦ Συλλόγου Ἀρτοποιῶν Θεσσαλονίκης καὶ ἀπεφάσισε νὰ ζητήσῃ τὴν ἀναθεώρησιν τῆς τιμῆς τοῦ ἄρτου. — Συνῆλθεν ἡ Ἐπιτροπὴ Φιλανθρωπίας τοῦ Δήμου διὰ τὴν διανομὴν ἐνδυμάτων εἰς τοὺς ἀπόρους. — Ἡ Ἀδελφότης Κυριῶν ὀργανώνει τὴν Κυριακὴν ἑορτὴν ὑπὲρ τῶν σκοπῶν της. Συνεδρίασε τὸ Δ.Σ. τοῦ Συλλόγου Ἀρτοποιῶν Θεσσαλονίκης καὶ ἀπεφάσισε νὰ ζητήσῃ τὴν ἀναθεώρησιν τῆς τιμῆς τοῦ ἄρτου. — Συνῆλθεν ἡ Ἐπιτροπὴ Φιλανθρωπίας τοῦ Δήμου διὰ τὴν διανομὴν ἐνδυμάτων εἰς τοὺς ἀπόρους. — Ἡ Ἀδελφότης Κυριῶν ὀργανώνει τὴν Κυριακὴν ἑορτὴν ὑπὲρ τῶν σκοπῶν της.
ΣΥΝΤΟΜΟΙ ΕΡΓΑΤΙΚΑΙ ΕΙΔΗΣΕΙΣ
Ἐργατοτεχνῖται τῆς δευτέρας ὁμάδος ἐργατῶν ἐπιθυμοῦν νὰ ἐπαναπροσληφθοῦν εἰς τὰ ἔργα τοῦ λιμένος. — Ἡ διοίκησις τοῦ Ἐργατικοῦ Κέντρου Θεσσαλονίκης συνεδρίασε καὶ ἐξήτασε τὰ θέματα τῆς ἀπασχολήσεως. — Τὸ Σωματεῖον Καπνεργατῶν ζητεῖ τὴν ἐπέκτασιν τοῦ ταμείου ἀνεργίας. Ἐργατοτεχνῖται τῆς δευτέρας ὁμάδος ἐργατῶν ἐπιθυμοῦν νὰ ἐπαναπροσληφθοῦν εἰς τὰ ἔργα τοῦ λιμένος. — Ἡ διοίκησις τοῦ Ἐργατικοῦ Κέντρου Θεσσαλονίκης συνεδρίασε καὶ ἐξήτασε τὰ θέματα τῆς ἀπασχολήσεως. — Τὸ Σωματεῖον Καπνεργατῶν ζητεῖ τὴν ἐπέκτασιν τοῦ ταμείου ἀνεργίας.
ΣΥΝΕΧΙΣΘΗ ΔΙΑ ΔΕΥΤΕΡΑΝ ΗΜΕΡΑΝ ΤΟ ΣΥΝΕΔΡΙΟΝ ΤΩΝ ΗΛΕΚΤΡΟΛΟΓΩΝ, ΜΗΧΑΝΟΛΟΓΩΝ ΚΑΙ ΝΑΥΠΗΓΩΝ
Ἐξ ἀπογευματινοῦ ἀπὸ τὸ δεῖπνον, τὸ ὁποῖον παρετέθη μετὰ τὰς ἐργασίας τοῦ συνεδρίου πρὸς τιμὴν τῶν συνέδρων.
Συνεχίσθησαν χθὲς διὰ δευτέραν ἡμέραν αἱ ἐργασίαι τοῦ συνεδρίου τῶν ἠλεκτρολόγων, μηχανολόγων καὶ ναυπηγῶν, κατὰ τὰς ὁποίας ἀνεγνώσθησαν εἰσηγήσεις ἐπὶ τῆς ἐκβιομηχανίσεως τῆς Βορείου Ἑλλάδος. Συνεχίσθησαν χθὲς διὰ δευτέραν ἡμέραν αἱ ἐργασίαι τοῦ συνεδρίου τῶν ἠλεκτρολόγων, μηχανολόγων καὶ ναυπηγῶν, κατὰ τὰς ὁποίας ἀνεγνώσθησαν εἰσηγήσεις ἐπὶ τῆς ἐκβιομηχανίσεως τῆς Βορείου Ἑλλάδος.
